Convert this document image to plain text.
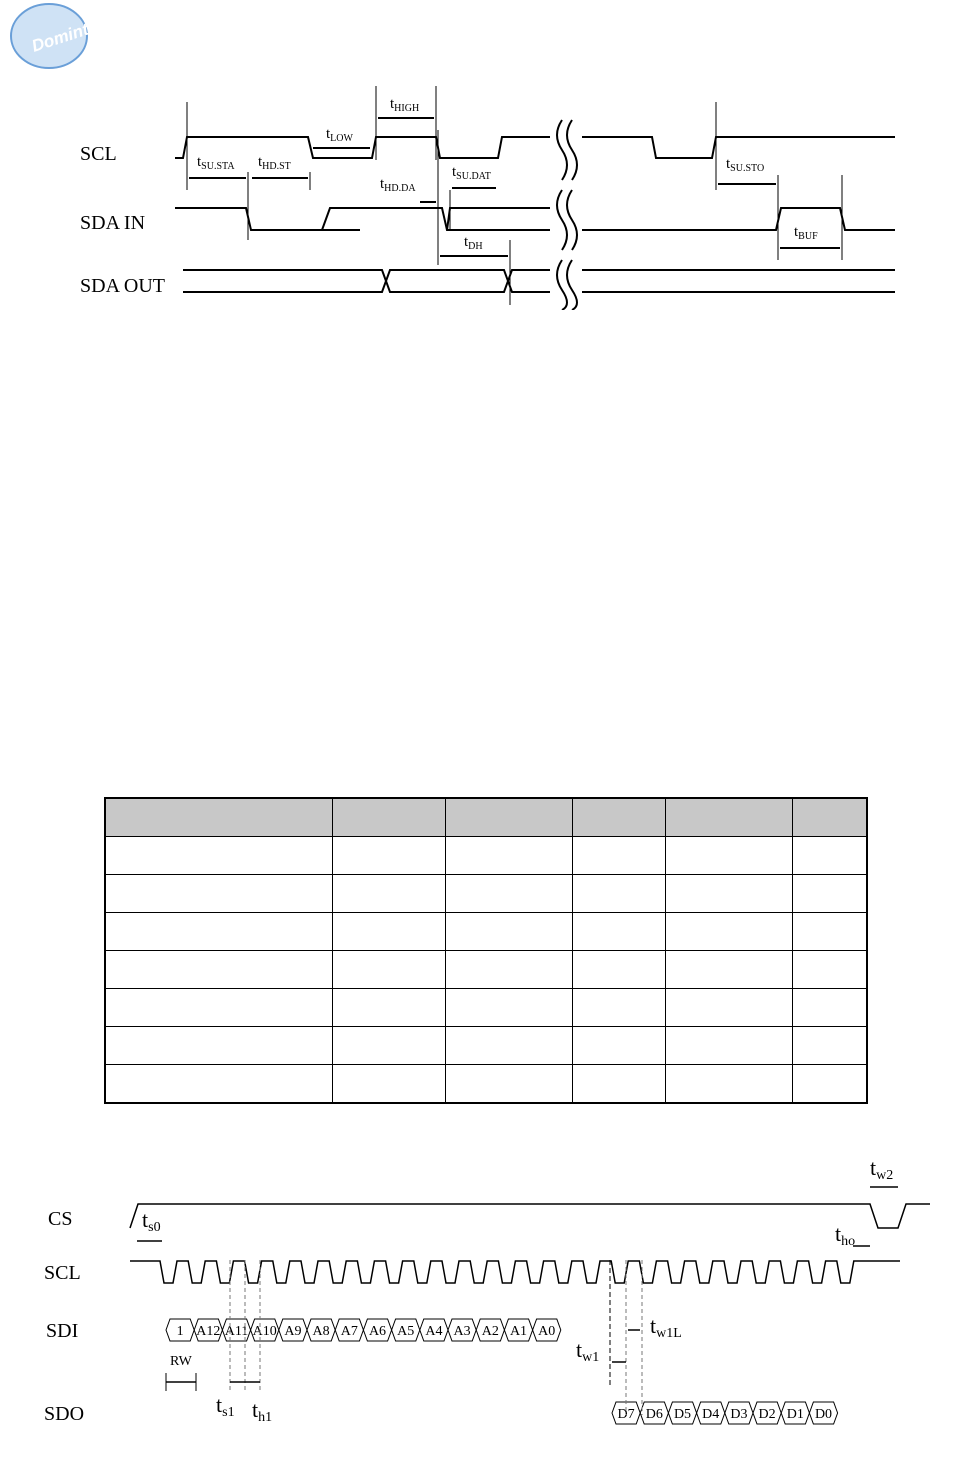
Domintech
SCL
SDA IN
SDA OUT
$t_{HIGH}$
$t_{LOW}$
$t_{SU.STA}$ $t_{HD.ST}$
$t_{HD.DA}$
$t_{SU.DAT}$
$t_{DH}$
$t_{SU.STO}$
$t_{BUF}$

CS
SCL
SDI
SDO
1 A12 A11 A10 A9 A8 A7 A6 A5 A4 A3 A2 A1 A0
D7 D6 D5 D4 D3 D2 D1 D0
tw2
ts0	tho
tw1L
tw1
ts1 th1
RW
